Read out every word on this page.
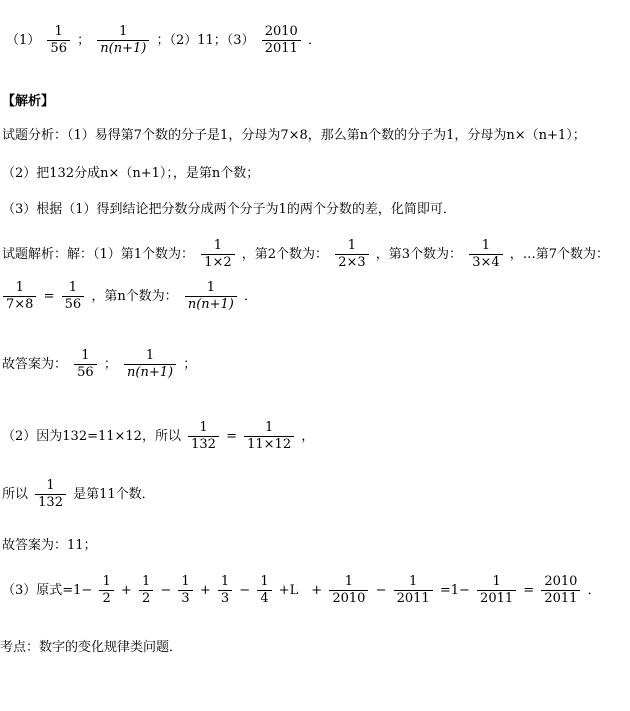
$(1) \frac{1}{56}$ ； $\frac{1}{n(n+1)}$ ；（2）11；$(3) \frac{2010}{2011}$ ．
【解析】
试题分析：（1）易得第7个数的分子是1，分母为7×8，那么第n个数的分子为1，分母为n×（n+1）；
（2）把132分成n×（n+1）；，是第n个数；
（3）根据（1）得到结论把分数分成两个分子为1的两个分数的差，化简即可．
试题解析：解：（1）第1个数为： $\frac{1}{1\times 2}$ ，第2个数为： $\frac{1}{2\times 3}$ ，第3个数为： $\frac{1}{3\times 4}$ ，…第7个数为：
$\frac{1}{7\times 8} = \frac{1}{56}$ ，第n个数为： $\frac{1}{n(n+1)}$ ．
故答案为： $\frac{1}{56}$ ； $\frac{1}{n(n+1)}$ ；
（2）因为132=11×12，所以 $\frac{1}{132} = \frac{1}{11\times 12}$ ，
所以 $\frac{1}{132}$ 是第11个数．
故答案为：11；
（3）原式$=1- \frac{1}{2} + \frac{1}{2} - \frac{1}{3} + \frac{1}{3} - \frac{1}{4} +L$　+ $\frac{1}{2010} - \frac{1}{2011} =1- \frac{1}{2011} = \frac{2010}{2011}$ ．
考点：数字的变化规律类问题．
